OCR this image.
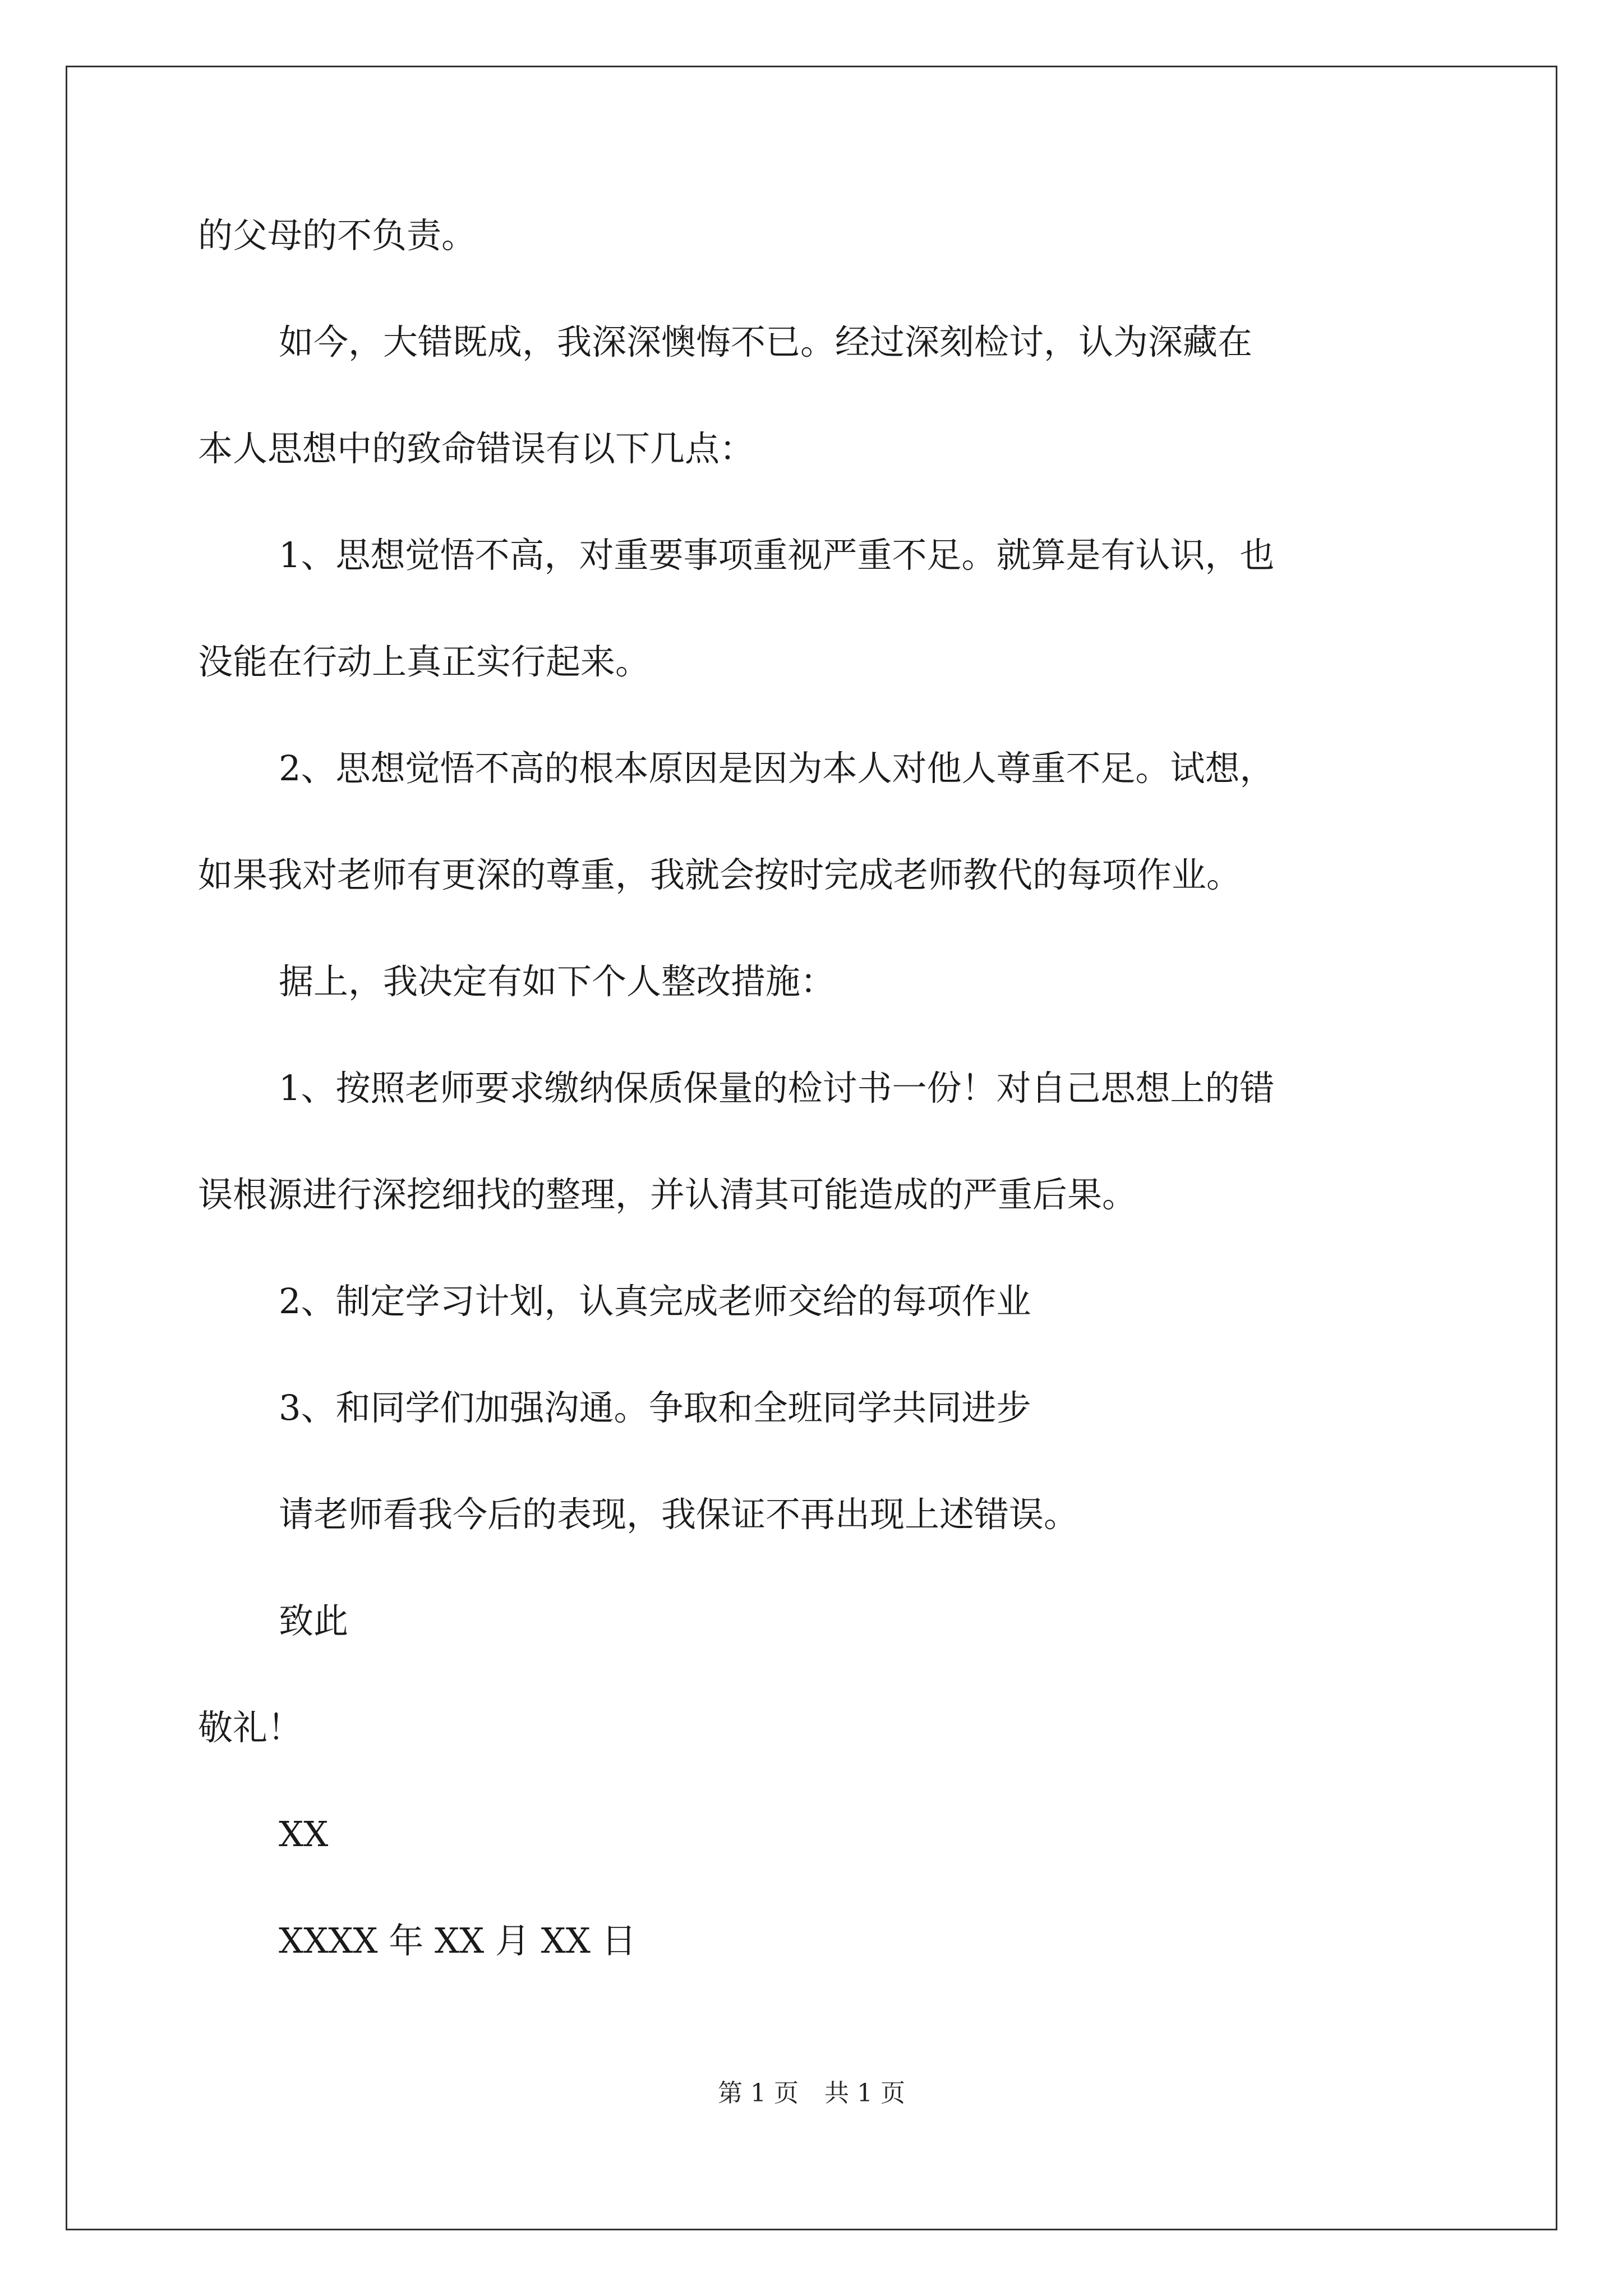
的父母的不负责。

如今，大错既成，我深深懊悔不已。经过深刻检讨，认为深藏在

本人思想中的致命错误有以下几点：

1、思想觉悟不高，对重要事项重视严重不足。就算是有认识，也

没能在行动上真正实行起来。

2、思想觉悟不高的根本原因是因为本人对他人尊重不足。试想，

如果我对老师有更深的尊重，我就会按时完成老师教代的每项作业。

据上，我决定有如下个人整改措施：

1、按照老师要求缴纳保质保量的检讨书一份！对自己思想上的错

误根源进行深挖细找的整理，并认清其可能造成的严重后果。

2、制定学习计划，认真完成老师交给的每项作业

3、和同学们加强沟通。争取和全班同学共同进步

请老师看我今后的表现，我保证不再出现上述错误。

致此

敬礼！

XX

XXXX 年 XX 月 XX 日

第 1 页 共 1 页
